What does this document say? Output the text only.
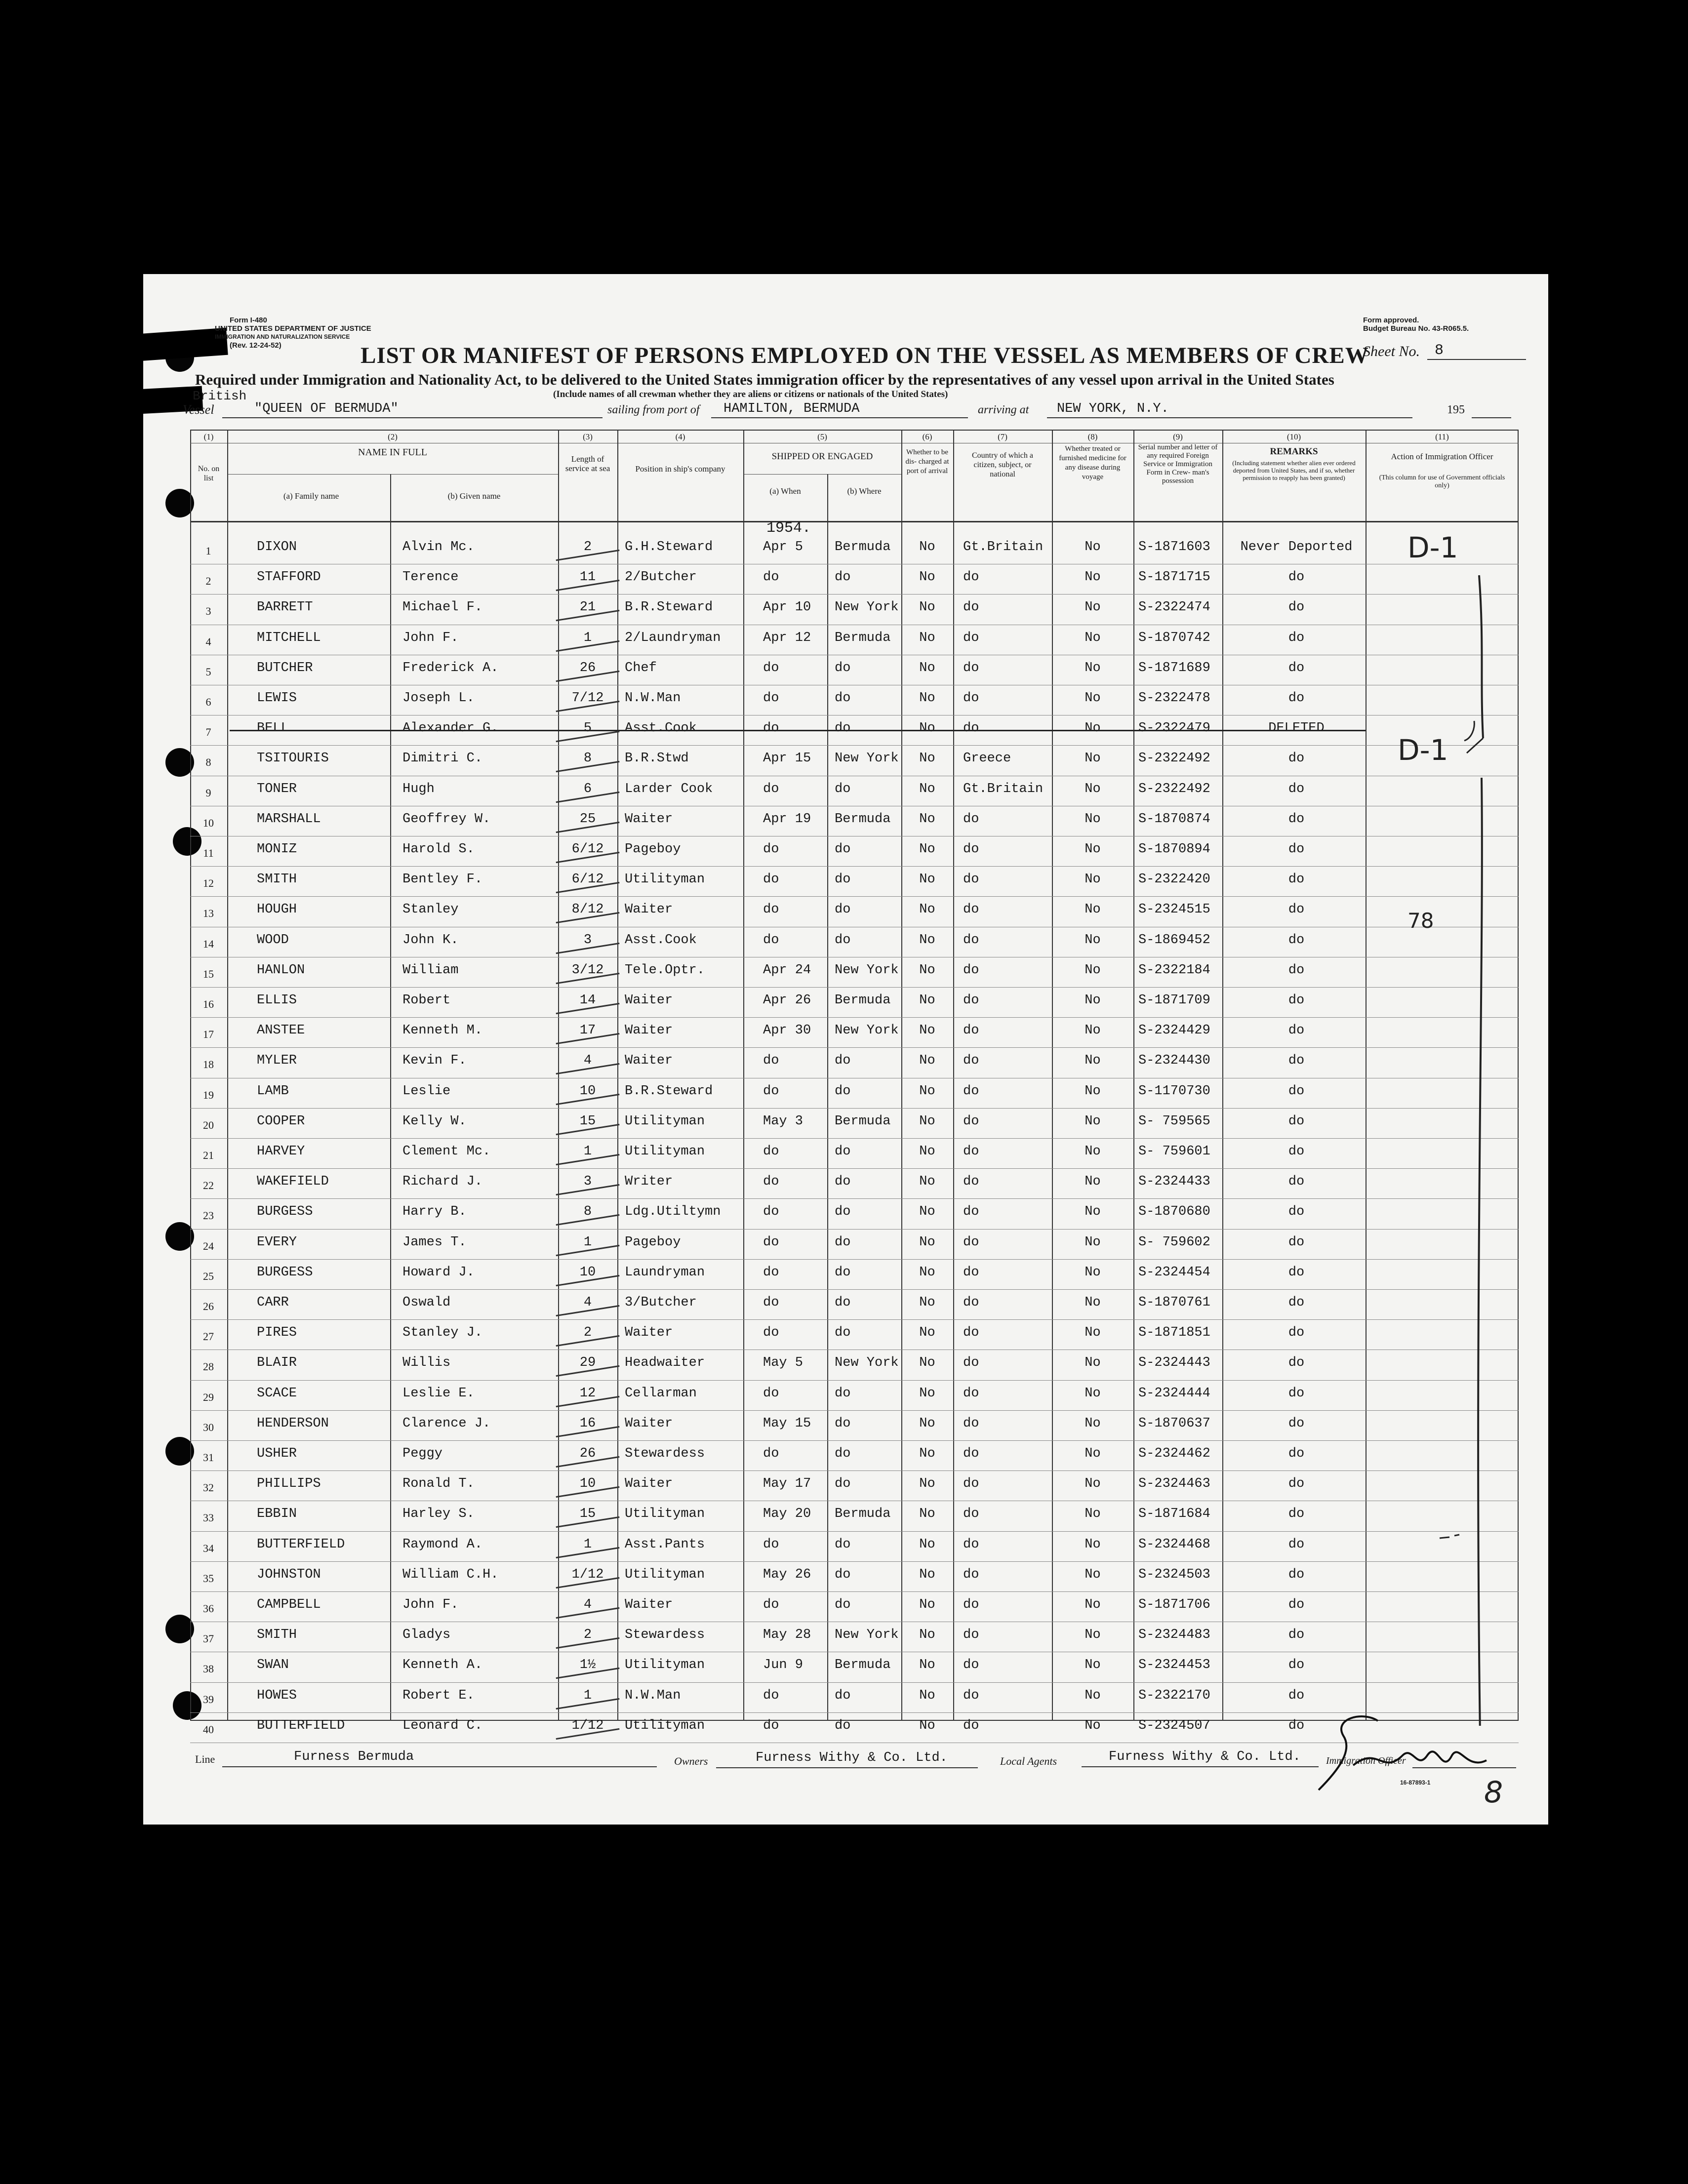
Form I-480
UNITED STATES DEPARTMENT OF JUSTICE
IMMIGRATION AND NATURALIZATION SERVICE
(Rev. 12-24-52)
Form approved.
Budget Bureau No. 43-R065.5.
Sheet No. 8
LIST OR MANIFEST OF PERSONS EMPLOYED ON THE VESSEL AS MEMBERS OF CREW
Required under Immigration and Nationality Act, to be delivered to the United States immigration officer by the representatives of any vessel upon arrival in the United States
(Include names of all crewman whether they are aliens or citizens or nationals of the United States)
British
Vessel	"QUEEN OF BERMUDA"	sailing from port of HAMILTON, BERMUDA	arriving at NEW YORK, N.Y.	195
(1)
No. on list
(2)
NAME IN FULL
(a) Family name	(b) Given name
(3)
Length of service at sea
(4)
Position in ship's company
(5)
SHIPPED OR ENGAGED
(a) When	(b) Where
(6)
Whether to be dis- charged at port of arrival
(7)
Country of which a citizen, subject, or national
(8)
Whether treated or furnished medicine for any disease during voyage
(9)
Serial number and letter of any required Foreign Service or Immigration Form in Crew- man's possession
(10)
REMARKS
(Including statement whether alien ever ordered deported from United States, and if so, whether permission to reapply has been granted)
(11)
Action of Immigration Officer
(This column for use of Government officials only)
1954.
1	DIXON	Alvin Mc.	2	G.H.Steward	Apr 5 Bermuda	No	Gt.Britain	No	S-1871603	Never Deported
2	STAFFORD	Terence	11	2/Butcher	do	do	No	do	No	S-1871715	do
3	BARRETT	Michael F.	21	B.R.Steward	Apr 10 New York	No	do	No	S-2322474	do
4	MITCHELL	John F.	1	2/Laundryman	Apr 12 Bermuda	No	do	No	S-1870742	do
5	BUTCHER	Frederick A.	26	Chef	do	do	No	do	No	S-1871689	do
6	LEWIS	Joseph L.	7/12	N.W.Man	do	do	No	do	No	S-2322478	do
7	BELL	Alexander G.	5	Asst.Cook	do	do	No	do	No	S-2322479	DELETED
8	TSITOURIS	Dimitri C.	8	B.R.Stwd	Apr 15 New York	No	Greece	No	S-2322492	do
9	TONER	Hugh	6	Larder Cook	do	do	No	Gt.Britain	No	S-2322492	do
10	MARSHALL	Geoffrey W.	25	Waiter	Apr 19 Bermuda	No	do	No	S-1870874	do
11	MONIZ	Harold S.	6/12	Pageboy	do	do	No	do	No	S-1870894	do
12	SMITH	Bentley F.	6/12	Utilityman	do	do	No	do	No	S-2322420	do
13	HOUGH	Stanley	8/12	Waiter	do	do	No	do	No	S-2324515	do
14	WOOD	John K.	3	Asst.Cook	do	do	No	do	No	S-1869452	do
15	HANLON	William	3/12	Tele.Optr.	Apr 24 New York	No	do	No	S-2322184	do
16	ELLIS	Robert	14	Waiter	Apr 26 Bermuda	No	do	No	S-1871709	do
17	ANSTEE	Kenneth M.	17	Waiter	Apr 30 New York	No	do	No	S-2324429	do
18	MYLER	Kevin F.	4	Waiter	do	do	No	do	No	S-2324430	do
19	LAMB	Leslie	10	B.R.Steward	do	do	No	do	No	S-1170730	do
20	COOPER	Kelly W.	15	Utilityman	May 3 Bermuda	No	do	No	S- 759565	do
21	HARVEY	Clement Mc.	1	Utilityman	do	do	No	do	No	S- 759601	do
22	WAKEFIELD	Richard J.	3	Writer	do	do	No	do	No	S-2324433	do
23	BURGESS	Harry B.	8	Ldg.Utiltymn	do	do	No	do	No	S-1870680	do
24	EVERY	James T.	1	Pageboy	do	do	No	do	No	S- 759602	do
25	BURGESS	Howard J.	10	Laundryman	do	do	No	do	No	S-2324454	do
26	CARR	Oswald	4	3/Butcher	do	do	No	do	No	S-1870761	do
27	PIRES	Stanley J.	2	Waiter	do	do	No	do	No	S-1871851	do
28	BLAIR	Willis	29	Headwaiter	May 5 New York	No	do	No	S-2324443	do
29	SCACE	Leslie E.	12	Cellarman	do	do	No	do	No	S-2324444	do
30	HENDERSON	Clarence J.	16	Waiter	May 15 do	No	do	No	S-1870637	do
31	USHER	Peggy	26	Stewardess	do	do	No	do	No	S-2324462	do
32	PHILLIPS	Ronald T.	10	Waiter	May 17 do	No	do	No	S-2324463	do
33	EBBIN	Harley S.	15	Utilityman	May 20 Bermuda	No	do	No	S-1871684	do
34	BUTTERFIELD	Raymond A.	1	Asst.Pants	do	do	No	do	No	S-2324468	do
35	JOHNSTON	William C.H.	1/12	Utilityman	May 26 do	No	do	No	S-2324503	do
36	CAMPBELL	John F.	4	Waiter	do	do	No	do	No	S-1871706	do
37	SMITH	Gladys	2	Stewardess	May 28 New York	No	do	No	S-2324483	do
38	SWAN	Kenneth A.	1½	Utilityman	Jun 9 Bermuda	No	do	No	S-2324453	do
39	HOWES	Robert E.	1	N.W.Man	do	do	No	do	No	S-2322170	do
40	BUTTERFIELD	Leonard C.	1/12	Utilityman	do	do	No	do	No	S-2324507	do
D-1
D-1
78
Line	Furness Bermuda	Owners	Furness Withy & Co. Ltd.	Local Agents	Furness Withy & Co. Ltd.	Immigration Officer
16-87893-1 8
